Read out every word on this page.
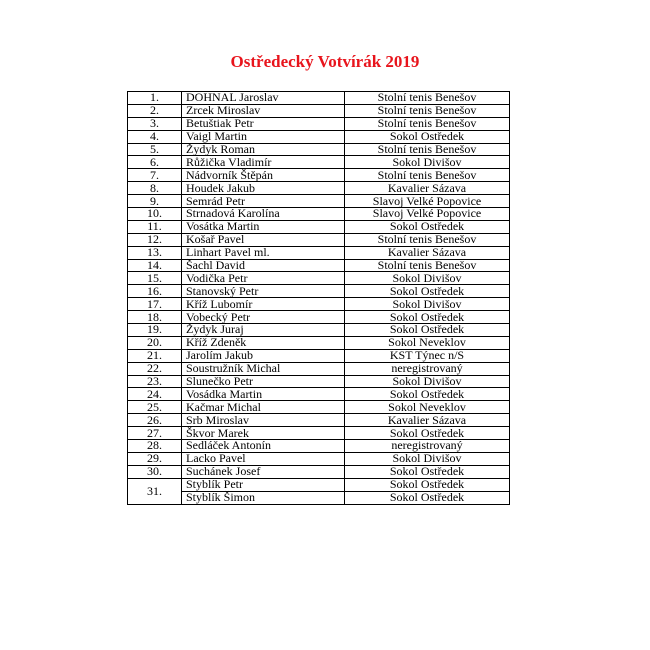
Ostředecký Votvírák 2019
1.	DOHNAL Jaroslav	Stolní tenis Benešov
2.	Zrcek Miroslav	Stolní tenis Benešov
3.	Betuštiak Petr	Stolní tenis Benešov
4.	Vaigl Martin	Sokol Ostředek
5.	Žydyk Roman	Stolní tenis Benešov
6.	Růžička Vladimír	Sokol Divišov
7.	Nádvorník Štěpán	Stolní tenis Benešov
8.	Houdek Jakub	Kavalier Sázava
9.	Semrád Petr	Slavoj Velké Popovice
10.	Strnadová Karolína	Slavoj Velké Popovice
11.	Vosátka Martin	Sokol Ostředek
12.	Košař Pavel	Stolní tenis Benešov
13.	Linhart Pavel ml.	Kavalier Sázava
14.	Šachl David	Stolní tenis Benešov
15.	Vodička Petr	Sokol Divišov
16.	Stanovský Petr	Sokol Ostředek
17.	Kříž Lubomír	Sokol Divišov
18.	Vobecký Petr	Sokol Ostředek
19.	Žydyk Juraj	Sokol Ostředek
20.	Kříž Zdeněk	Sokol Neveklov
21.	Jarolím Jakub	KST Týnec n/S
22.	Soustružník Michal	neregistrovaný
23.	Slunečko Petr	Sokol Divišov
24.	Vosádka Martin	Sokol Ostředek
25.	Kačmar Michal	Sokol Neveklov
26.	Srb Miroslav	Kavalier Sázava
27.	Škvor Marek	Sokol Ostředek
28.	Sedláček Antonín	neregistrovaný
29.	Lacko Pavel	Sokol Divišov
30.	Suchánek Josef	Sokol Ostředek
31.	Styblík Petr	Sokol Ostředek
	Styblík Šimon	Sokol Ostředek
